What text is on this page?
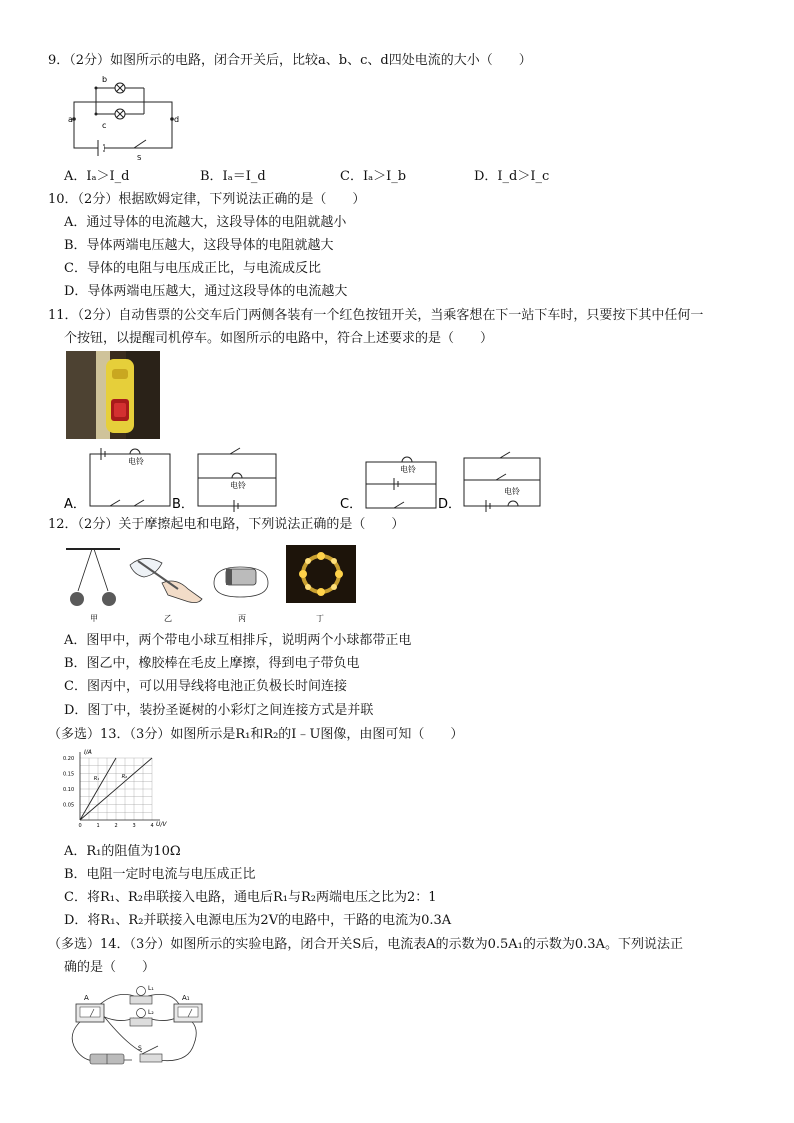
9．（2分）如图所示的电路，闭合开关后，比较a、b、c、d四处电流的大小（　　）
a
b
c
d
S
A．Iₐ＞I_d	B．Iₐ＝I_d	C．Iₐ＞I_b	D．I_d＞I_c
10．（2分）根据欧姆定律，下列说法正确的是（　　）
A．通过导体的电流越大，这段导体的电阻就越小
B．导体两端电压越大，这段导体的电阻就越大
C．导体的电阻与电压成正比，与电流成反比
D．导体两端电压越大，通过这段导体的电流越大
11．（2分）自动售票的公交车后门两侧各装有一个红色按钮开关，当乘客想在下一站下车时，只要按下其中任何一
个按钮，以提醒司机停车。如图所示的电路中，符合上述要求的是（　　）
电铃
电铃
电铃
电铃
A．	B．	C．	D．
12．（2分）关于摩擦起电和电路，下列说法正确的是（　　）
甲	乙	丙	丁
A．图甲中，两个带电小球互相排斥，说明两个小球都带正电
B．图乙中，橡胶棒在毛皮上摩擦，得到电子带负电
C．图丙中，可以用导线将电池正负极长时间连接
D．图丁中，装扮圣诞树的小彩灯之间连接方式是并联
（多选）13．（3分）如图所示是R₁和R₂的I﹣U图像，由图可知（　　）
R₁	R₂
0	1	2	3	4
0.05
0.10
0.15
0.20
I/A
U/V
A．R₁的阻值为10Ω
B．电阻一定时电流与电压成正比
C．将R₁、R₂串联接入电路，通电后R₁与R₂两端电压之比为2：1
D．将R₁、R₂并联接入电源电压为2V的电路中，干路的电流为0.3A
（多选）14．（3分）如图所示的实验电路，闭合开关S后，电流表A的示数为0.5A₁的示数为0.3A。下列说法正
确的是（　　）
A	A₁
L₁
L₂
S
